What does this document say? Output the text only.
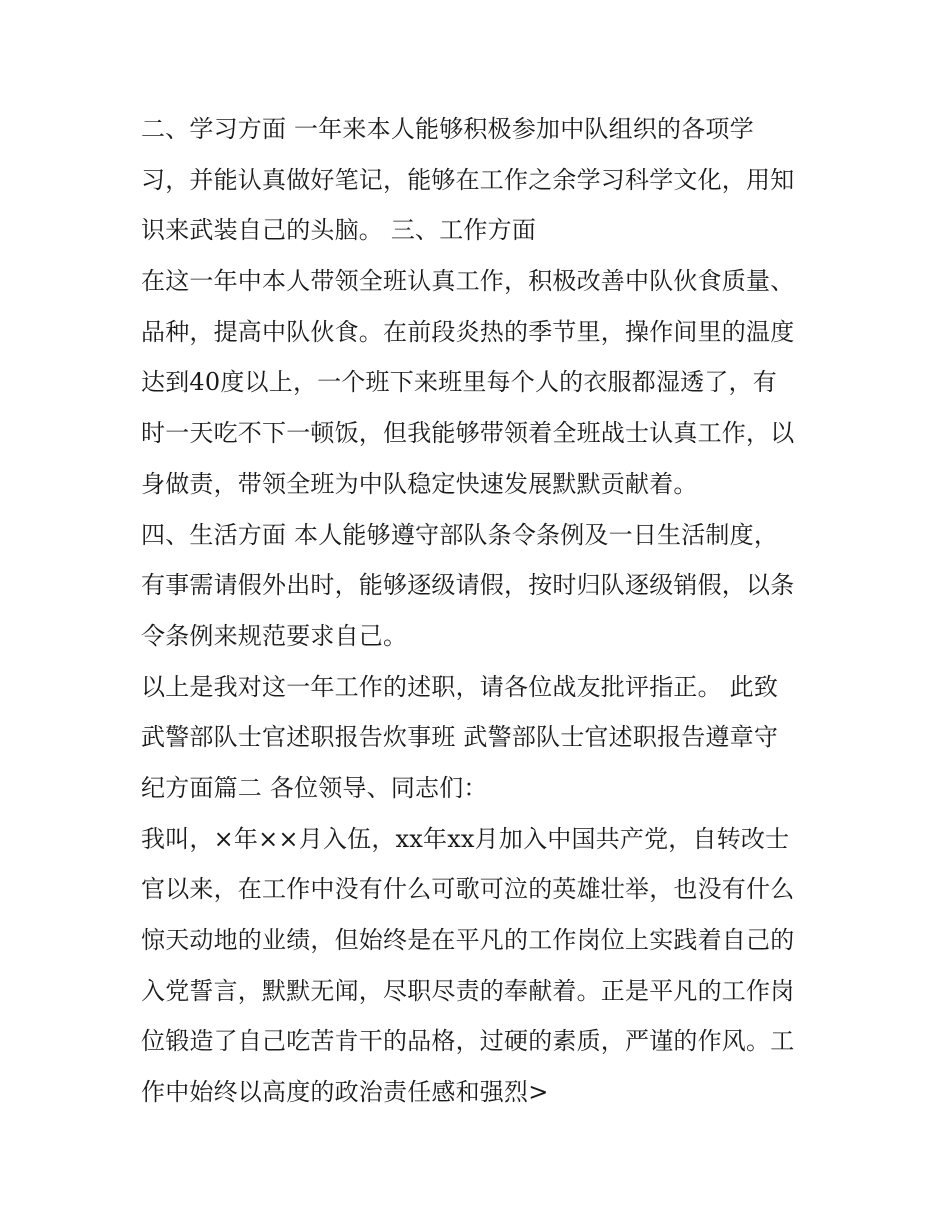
二、学习方面 一年来本人能够积极参加中队组织的各项学
习，并能认真做好笔记，能够在工作之余学习科学文化，用知
识来武装自己的头脑。 三、工作方面
在这一年中本人带领全班认真工作，积极改善中队伙食质量、
品种，提高中队伙食。在前段炎热的季节里，操作间里的温度
达到40度以上，一个班下来班里每个人的衣服都湿透了，有
时一天吃不下一顿饭，但我能够带领着全班战士认真工作，以
身做责，带领全班为中队稳定快速发展默默贡献着。
四、生活方面 本人能够遵守部队条令条例及一日生活制度，
有事需请假外出时，能够逐级请假，按时归队逐级销假，以条
令条例来规范要求自己。
以上是我对这一年工作的述职，请各位战友批评指正。 此致
武警部队士官述职报告炊事班 武警部队士官述职报告遵章守
纪方面篇二 各位领导、同志们：
我叫，×年××月入伍，xx年xx月加入中国共产党，自转改士
官以来，在工作中没有什么可歌可泣的英雄壮举，也没有什么
惊天动地的业绩，但始终是在平凡的工作岗位上实践着自己的
入党誓言，默默无闻，尽职尽责的奉献着。正是平凡的工作岗
位锻造了自己吃苦肯干的品格，过硬的素质，严谨的作风。工
作中始终以高度的政治责任感和强烈>
